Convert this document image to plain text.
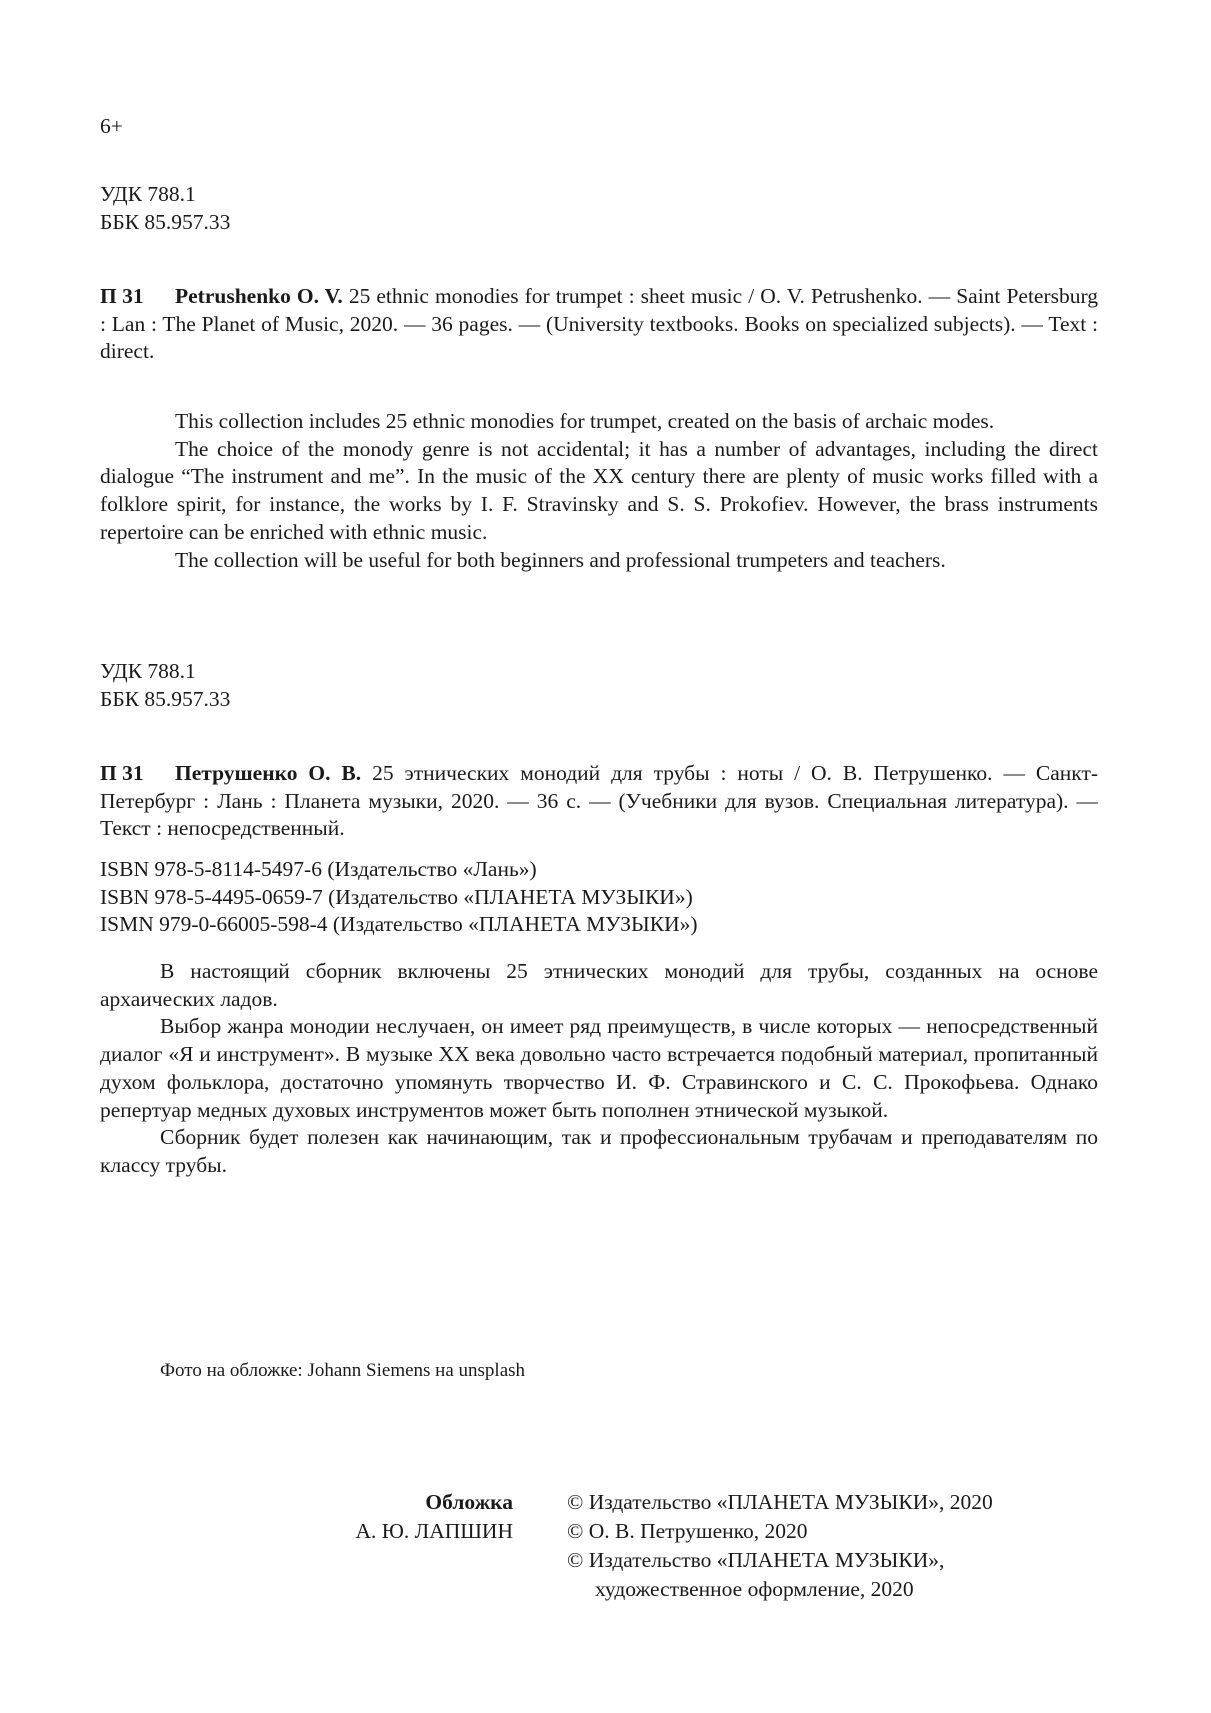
6+
УДК 788.1
ББК 85.957.33

П 31 Petrushenko O. V. 25 ethnic monodies for trumpet : sheet music / O. V. Petrushenko. — Saint Petersburg : Lan : The Planet of Music, 2020. — 36 pages. — (University textbooks. Books on specialized subjects). — Text : direct.

This collection includes 25 ethnic monodies for trumpet, created on the basis of archaic modes.

The choice of the monody genre is not accidental; it has a number of advantages, including the direct dialogue “The instrument and me”. In the music of the XX century there are plenty of music works filled with a folklore spirit, for instance, the works by I. F. Stravinsky and S. S. Prokofiev. However, the brass instruments repertoire can be enriched with ethnic music.

The collection will be useful for both beginners and professional trumpeters and teachers.

УДК 788.1
ББК 85.957.33

П 31 Петрушенко О. В. 25 этнических монодий для трубы : ноты / О. В. Петрушенко. — Санкт-Петербург : Лань : Планета музыки, 2020. — 36 с. — (Учебники для вузов. Специальная литература). — Текст : непосредственный.

ISBN 978-5-8114-5497-6 (Издательство «Лань»)
ISBN 978-5-4495-0659-7 (Издательство «ПЛАНЕТА МУЗЫКИ»)
ISMN 979-0-66005-598-4 (Издательство «ПЛАНЕТА МУЗЫКИ»)

В настоящий сборник включены 25 этнических монодий для трубы, созданных на основе архаических ладов.

Выбор жанра монодии неслучаен, он имеет ряд преимуществ, в числе которых — непосредственный диалог «Я и инструмент». В музыке XX века довольно часто встречается подобный материал, пропитанный духом фольклора, достаточно упомянуть творчество И. Ф. Стравинского и С. С. Прокофьева. Однако репертуар медных духовых инструментов может быть пополнен этнической музыкой.

Сборник будет полезен как начинающим, так и профессиональным трубачам и преподавателям по классу трубы.

Фото на обложке: Johann Siemens на unsplash
Обложка
А. Ю. ЛАПШИН
© Издательство «ПЛАНЕТА МУЗЫКИ», 2020
© О. В. Петрушенко, 2020
© Издательство «ПЛАНЕТА МУЗЫКИ»,
художественное оформление, 2020
